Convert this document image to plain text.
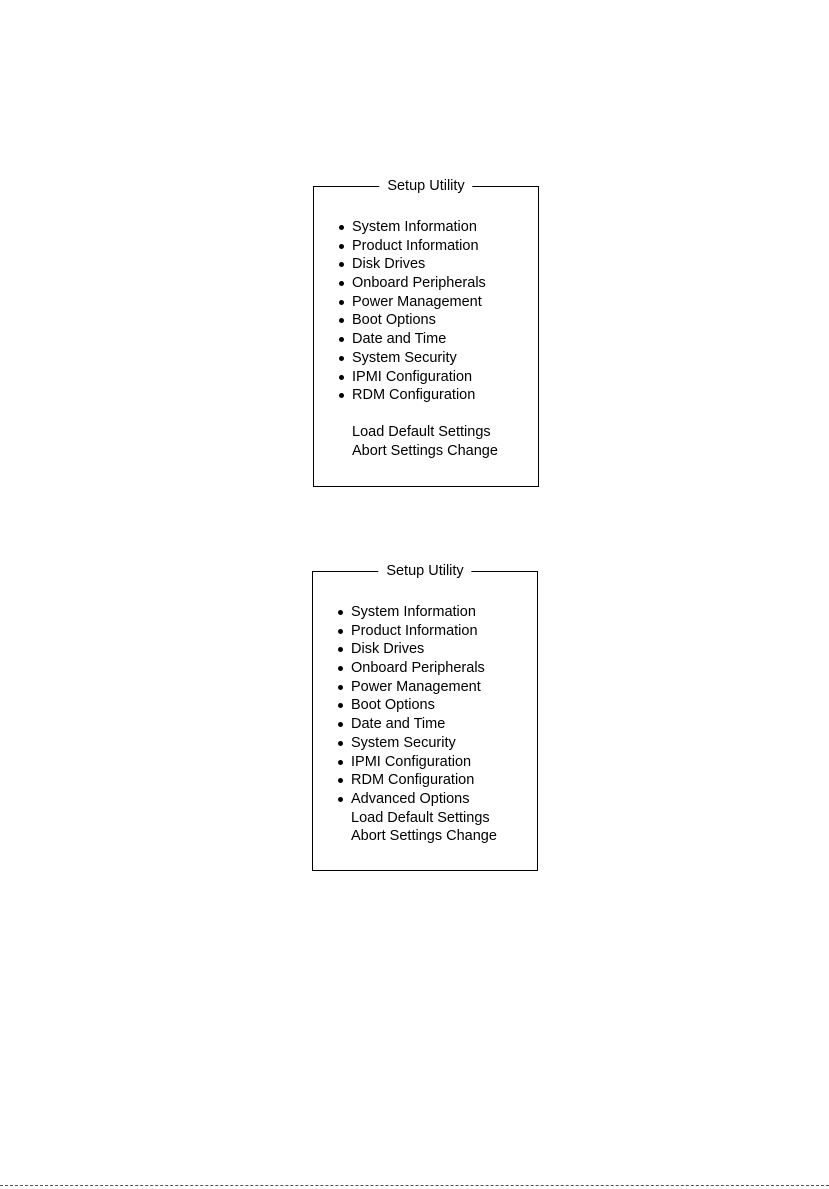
Setup Utility
System Information
Product Information
Disk Drives
Onboard Peripherals
Power Management
Boot Options
Date and Time
System Security
IPMI Configuration
RDM Configuration
Load Default Settings
Abort Settings Change
Setup Utility
System Information
Product Information
Disk Drives
Onboard Peripherals
Power Management
Boot Options
Date and Time
System Security
IPMI Configuration
RDM Configuration
Advanced Options
Load Default Settings
Abort Settings Change
